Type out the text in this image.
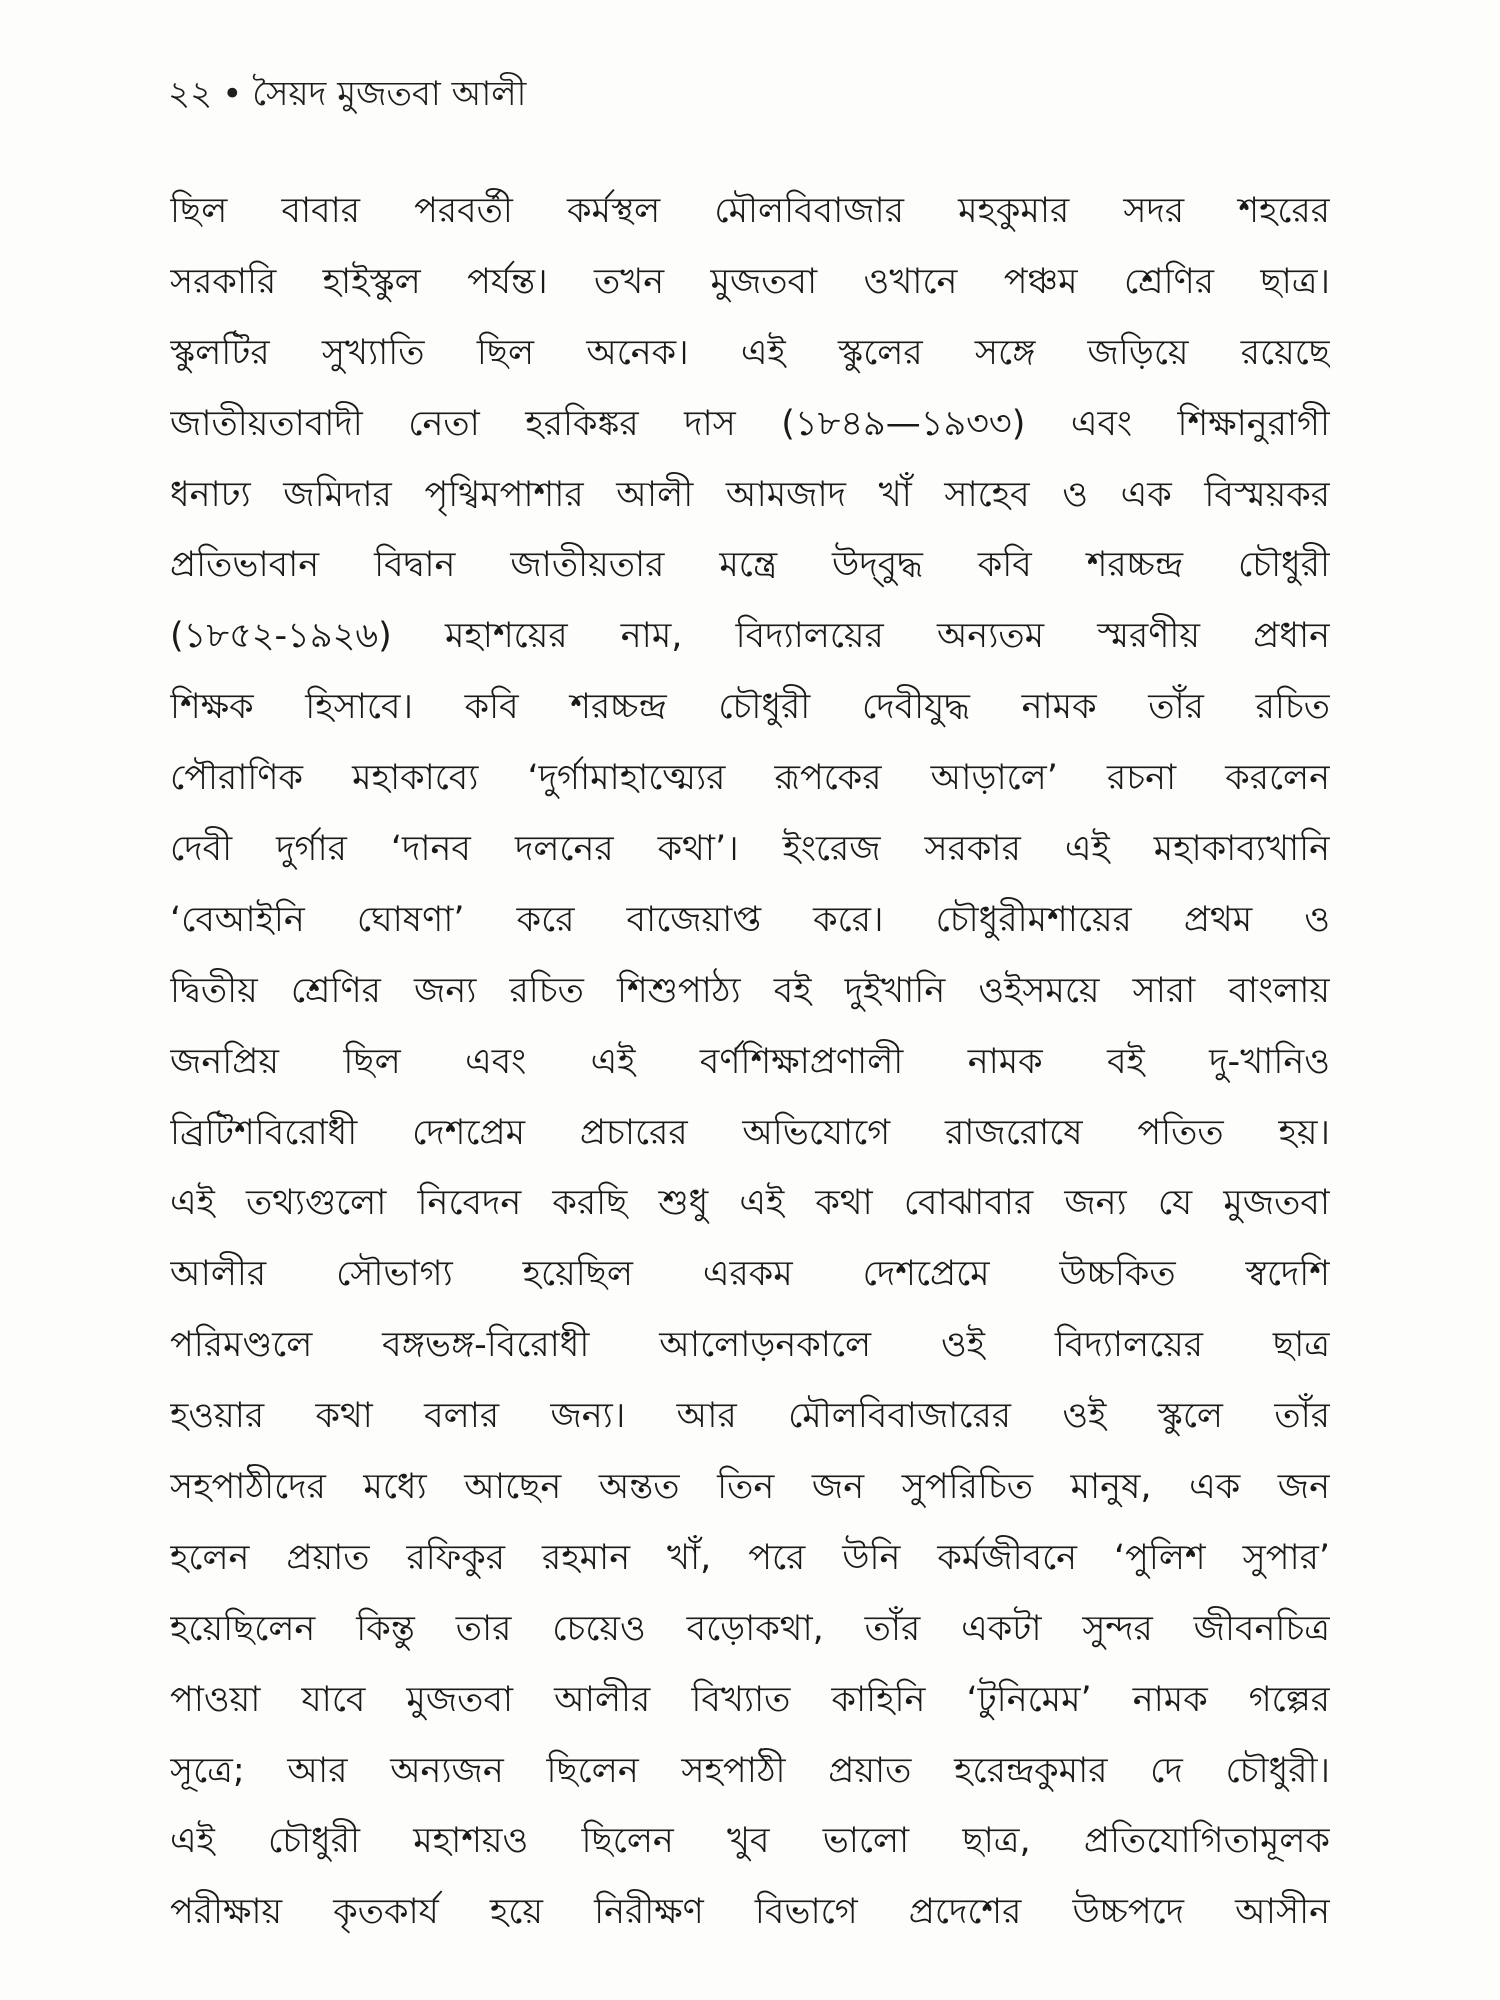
২২ • সৈয়দ মুজতবা আলী
ছিল বাবার পরবর্তী কর্মস্থল মৌলবিবাজার মহকুমার সদর শহরের
সরকারি হাইস্কুল পর্যন্ত। তখন মুজতবা ওখানে পঞ্চম শ্রেণির ছাত্র।
স্কুলটির সুখ্যাতি ছিল অনেক। এই স্কুলের সঙ্গে জড়িয়ে রয়েছে
জাতীয়তাবাদী নেতা হরকিঙ্কর দাস (১৮৪৯—১৯৩৩) এবং শিক্ষানুরাগী
ধনাঢ্য জমিদার পৃথ্বিমপাশার আলী আমজাদ খাঁ সাহেব ও এক বিস্ময়কর
প্রতিভাবান বিদ্বান জাতীয়তার মন্ত্রে উদ্‌বুদ্ধ কবি শরচ্চন্দ্র চৌধুরী
(১৮৫২-১৯২৬) মহাশয়ের নাম, বিদ্যালয়ের অন্যতম স্মরণীয় প্রধান
শিক্ষক হিসাবে। কবি শরচ্চন্দ্র চৌধুরী দেবীযুদ্ধ নামক তাঁর রচিত
পৌরাণিক মহাকাব্যে ‘দুর্গামাহাত্ম্যের রূপকের আড়ালে’ রচনা করলেন
দেবী দুর্গার ‘দানব দলনের কথা’। ইংরেজ সরকার এই মহাকাব্যখানি
‘বেআইনি ঘোষণা’ করে বাজেয়াপ্ত করে। চৌধুরীমশায়ের প্রথম ও
দ্বিতীয় শ্রেণির জন্য রচিত শিশুপাঠ্য বই দুইখানি ওইসময়ে সারা বাংলায়
জনপ্রিয় ছিল এবং এই বর্ণশিক্ষাপ্রণালী নামক বই দু-খানিও
ব্রিটিশবিরোধী দেশপ্রেম প্রচারের অভিযোগে রাজরোষে পতিত হয়।
এই তথ্যগুলো নিবেদন করছি শুধু এই কথা বোঝাবার জন্য যে মুজতবা
আলীর সৌভাগ্য হয়েছিল এরকম দেশপ্রেমে উচ্চকিত স্বদেশি
পরিমণ্ডলে বঙ্গভঙ্গ-বিরোধী আলোড়নকালে ওই বিদ্যালয়ের ছাত্র
হওয়ার কথা বলার জন্য। আর মৌলবিবাজারের ওই স্কুলে তাঁর
সহপাঠীদের মধ্যে আছেন অন্তত তিন জন সুপরিচিত মানুষ, এক জন
হলেন প্রয়াত রফিকুর রহমান খাঁ, পরে উনি কর্মজীবনে ‘পুলিশ সুপার’
হয়েছিলেন কিন্তু তার চেয়েও বড়োকথা, তাঁর একটা সুন্দর জীবনচিত্র
পাওয়া যাবে মুজতবা আলীর বিখ্যাত কাহিনি ‘টুনিমেম’ নামক গল্পের
সূত্রে; আর অন্যজন ছিলেন সহপাঠী প্রয়াত হরেন্দ্রকুমার দে চৌধুরী।
এই চৌধুরী মহাশয়ও ছিলেন খুব ভালো ছাত্র, প্রতিযোগিতামূলক
পরীক্ষায় কৃতকার্য হয়ে নিরীক্ষণ বিভাগে প্রদেশের উচ্চপদে আসীন
